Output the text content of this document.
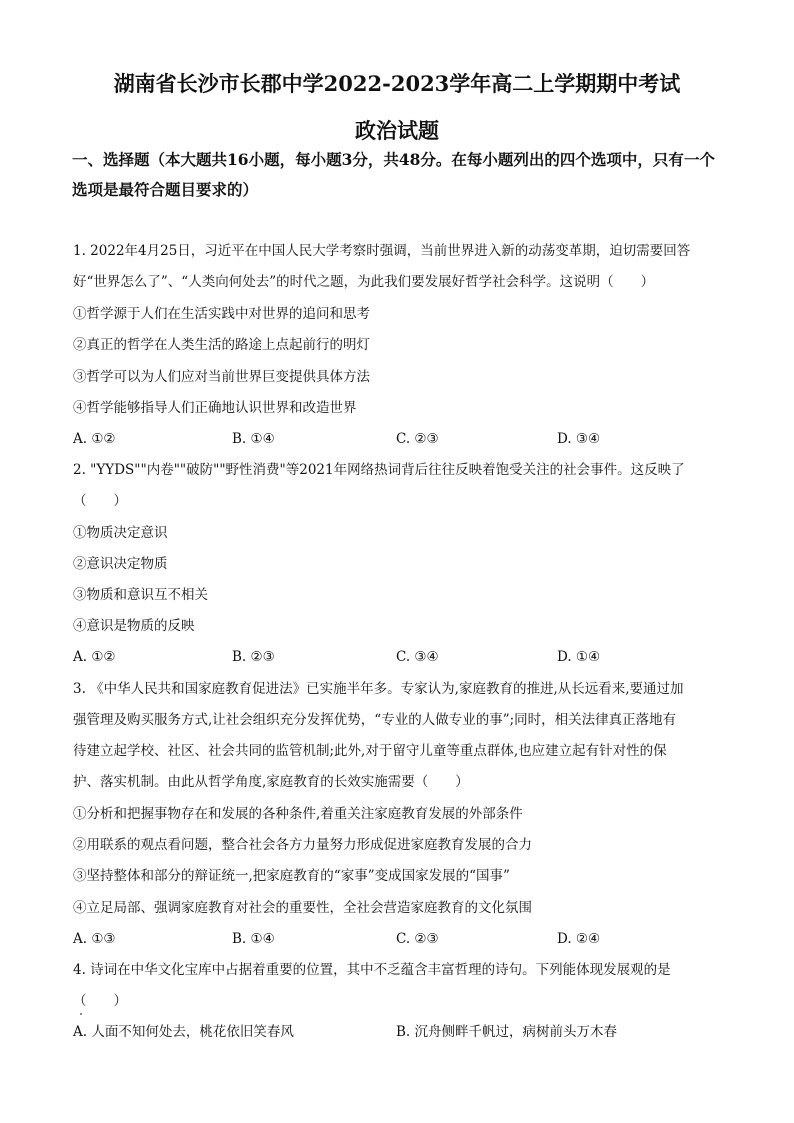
湖南省长沙市长郡中学2022-2023学年高二上学期期中考试
政治试题
一、选择题（本大题共16小题，每小题3分，共48分。在每小题列出的四个选项中，只有一个选项是最符合题目要求的）
1. 2022年4月25日，习近平在中国人民大学考察时强调，当前世界进入新的动荡变革期，迫切需要回答
好“世界怎么了”、“人类向何处去”的时代之题，为此我们要发展好哲学社会科学。这说明（　　）
①哲学源于人们在生活实践中对世界的追问和思考
②真正的哲学在人类生活的路途上点起前行的明灯
③哲学可以为人们应对当前世界巨变提供具体方法
④哲学能够指导人们正确地认识世界和改造世界
A. ①②	B. ①④	C. ②③	D. ③④
2. "YYDS""内卷""破防""野性消费"等2021年网络热词背后往往反映着饱受关注的社会事件。这反映了
（　　）
①物质决定意识
②意识决定物质
③物质和意识互不相关
④意识是物质的反映
A. ①②	B. ②③	C. ③④	D. ①④
3. 《中华人民共和国家庭教育促进法》已实施半年多。专家认为,家庭教育的推进,从长远看来,要通过加
强管理及购买服务方式,让社会组织充分发挥优势，“专业的人做专业的事”;同时，相关法律真正落地有
待建立起学校、社区、社会共同的监管机制;此外,对于留守儿童等重点群体,也应建立起有针对性的保
护、落实机制。由此从哲学角度,家庭教育的长效实施需要（　　）
①分析和把握事物存在和发展的各种条件,着重关注家庭教育发展的外部条件
②用联系的观点看问题，整合社会各方力量努力形成促进家庭教育发展的合力
③坚持整体和部分的辩证统一,把家庭教育的“家事”变成国家发展的“国事”
④立足局部、强调家庭教育对社会的重要性，全社会营造家庭教育的文化氛围
A. ①③	B. ①④	C. ②③	D. ②④
4. 诗词在中华文化宝库中占据着重要的位置，其中不乏蕴含丰富哲理的诗句。下列能体现发展观的是
（　　）
A. 人面不知何处去，桃花依旧笑春风	B. 沉舟侧畔千帆过，病树前头万木春
